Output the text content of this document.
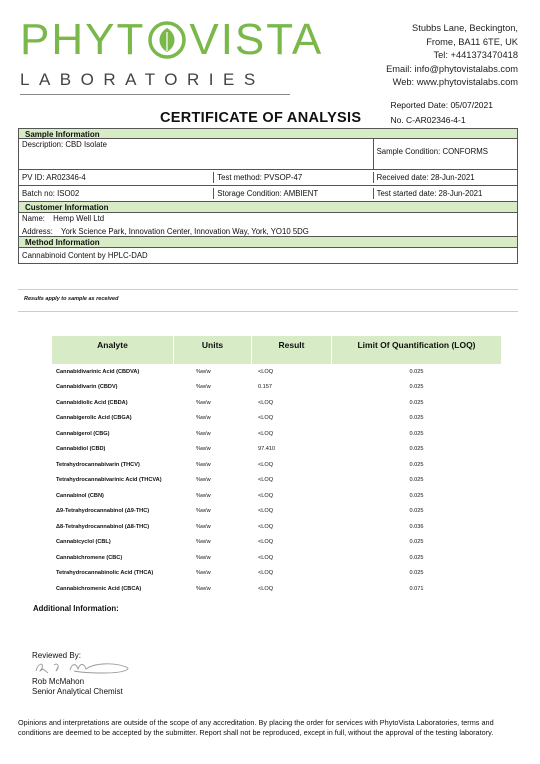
PHYT VISTA
LABORATORIES
Stubbs Lane, Beckington,
Frome, BA11 6TE, UK
Tel: +441373470418
Email: info@phytovistalabs.com
Web: www.phytovistalabs.com
Reported Date: 05/07/2021
No. C-AR02346-4-1
CERTIFICATE OF ANALYSIS
Sample Information
Description: CBD Isolate
Sample Condition: CONFORMS
PV ID: AR02346-4	Test method: PVSOP-47	Received date: 28-Jun-2021
Batch no: ISO02	Storage Condition: AMBIENT	Test started date: 28-Jun-2021
Customer Information
Name: Hemp Well Ltd
Address: York Science Park, Innovation Center, Innovation Way, York, YO10 5DG
Method Information
Cannabinoid Content by HPLC-DAD
Results apply to sample as received
Analyte	Units	Result	Limit Of Quantification (LOQ)
Cannabidivarinic Acid (CBDVA)	%w/w	<LOQ	0.025
Cannabidivarin (CBDV)	%w/w	0.157	0.025
Cannabidiolic Acid (CBDA)	%w/w	<LOQ	0.025
Cannabigerolic Acid (CBGA)	%w/w	<LOQ	0.025
Cannabigerol (CBG)	%w/w	<LOQ	0.025
Cannabidiol (CBD)	%w/w	97.410	0.025
Tetrahydrocannabivarin (THCV)	%w/w	<LOQ	0.025
Tetrahydrocannabivarinic Acid (THCVA)	%w/w	<LOQ	0.025
Cannabinol (CBN)	%w/w	<LOQ	0.025
Δ9-Tetrahydrocannabinol (Δ9-THC)	%w/w	<LOQ	0.025
Δ8-Tetrahydrocannabinol (Δ8-THC)	%w/w	<LOQ	0.036
Cannabicyclol (CBL)	%w/w	<LOQ	0.025
Cannabichromene (CBC)	%w/w	<LOQ	0.025
Tetrahydrocannabinolic Acid (THCA)	%w/w	<LOQ	0.025
Cannabichromenic Acid (CBCA)	%w/w	<LOQ	0.071
Additional Information:
Reviewed By:
Rob McMahon
Senior Analytical Chemist
Opinions and interpretations are outside of the scope of any accreditation. By placing the order for services with PhytoVista Laboratories, terms and conditions are deemed to be accepted by the submitter. Report shall not be reproduced, except in full, without the approval of the testing laboratory.
